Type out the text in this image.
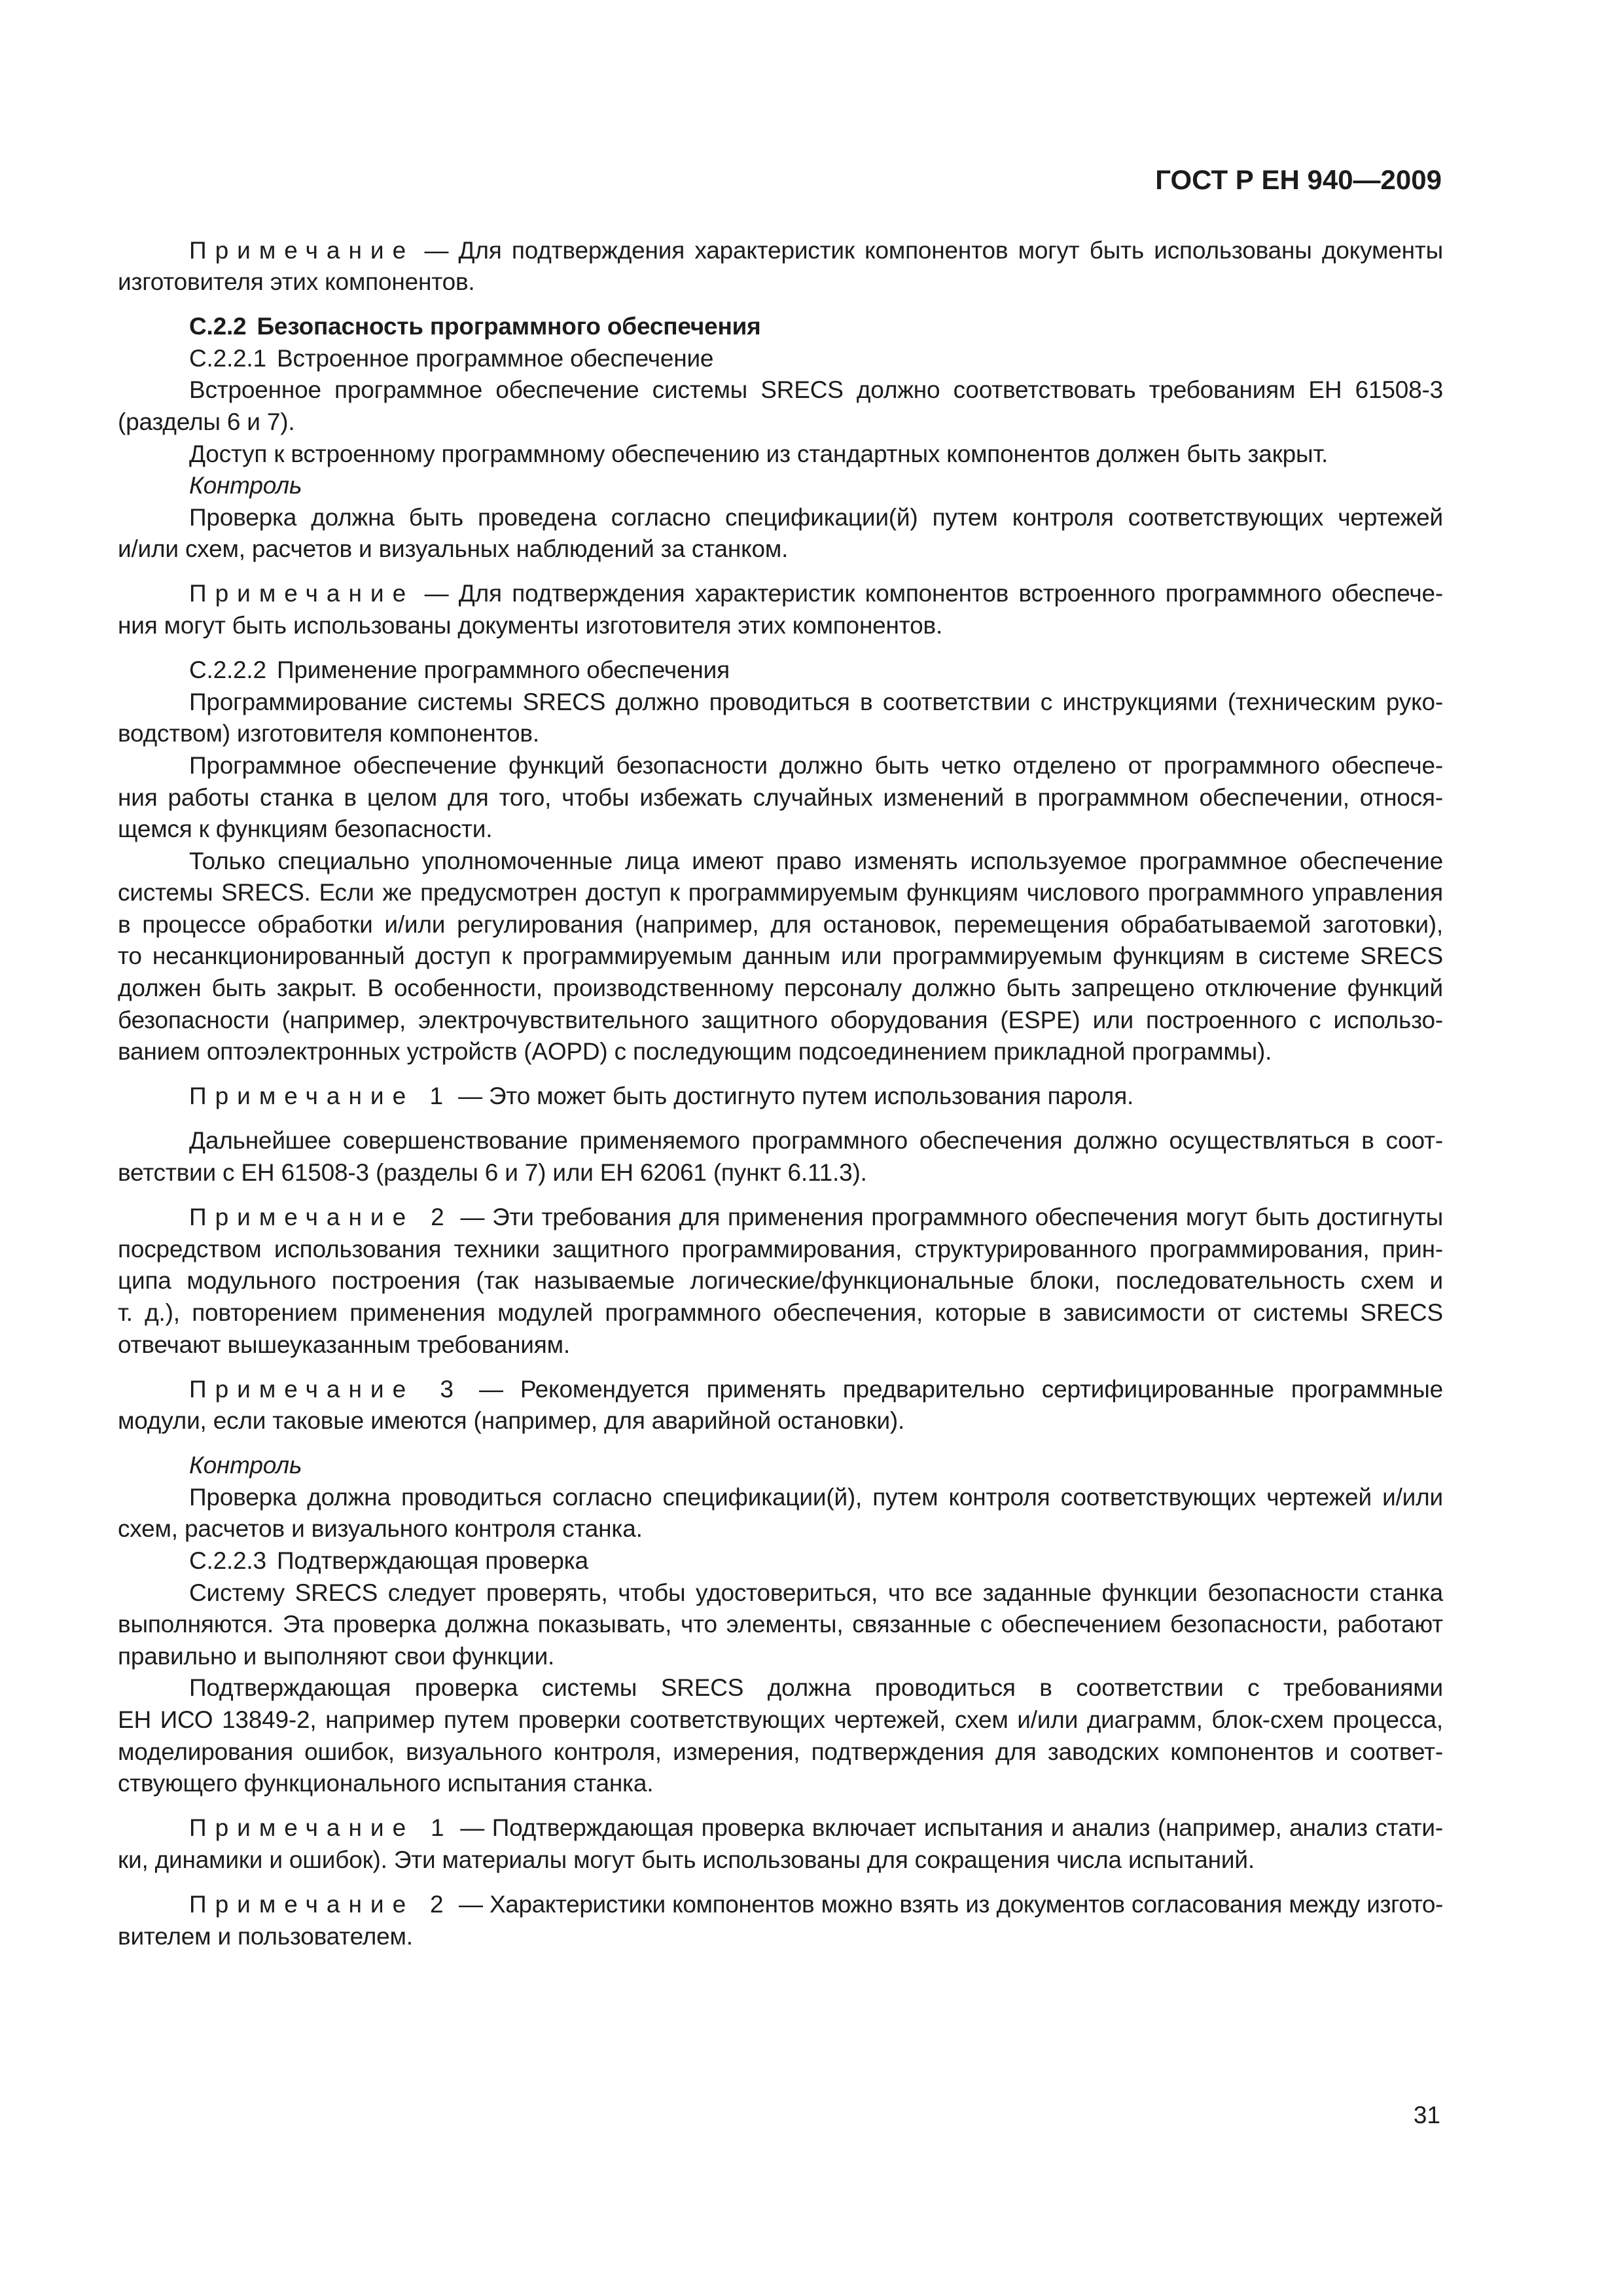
ГОСТ Р ЕН 940—2009
Примечание — Для подтверждения характеристик компонентов могут быть использованы документы
изготовителя этих компонентов.
С.2.2 Безопасность программного обеспечения
С.2.2.1 Встроенное программное обеспечение
Встроенное программное обеспечение системы SRECS должно соответствовать требованиям ЕН 61508-3
(разделы 6 и 7).
Доступ к встроенному программному обеспечению из стандартных компонентов должен быть закрыт.
Контроль
Проверка должна быть проведена согласно спецификации(й) путем контроля соответствующих чертежей
и/или схем, расчетов и визуальных наблюдений за станком.
Примечание — Для подтверждения характеристик компонентов встроенного программного обеспече-
ния могут быть использованы документы изготовителя этих компонентов.
С.2.2.2 Применение программного обеспечения
Программирование системы SRECS должно проводиться в соответствии с инструкциями (техническим руко-
водством) изготовителя компонентов.
Программное обеспечение функций безопасности должно быть четко отделено от программного обеспече-
ния работы станка в целом для того, чтобы избежать случайных изменений в программном обеспечении, относя-
щемся к функциям безопасности.
Только специально уполномоченные лица имеют право изменять используемое программное обеспечение
системы SRECS. Если же предусмотрен доступ к программируемым функциям числового программного управления
в процессе обработки и/или регулирования (например, для остановок, перемещения обрабатываемой заготовки),
то несанкционированный доступ к программируемым данным или программируемым функциям в системе SRECS
должен быть закрыт. В особенности, производственному персоналу должно быть запрещено отключение функций
безопасности (например, электрочувствительного защитного оборудования (ESPE) или построенного с использо-
ванием оптоэлектронных устройств (AOPD) с последующим подсоединением прикладной программы).
Примечание 1 — Это может быть достигнуто путем использования пароля.
Дальнейшее совершенствование применяемого программного обеспечения должно осуществляться в соот-
ветствии с ЕН 61508-3 (разделы 6 и 7) или ЕН 62061 (пункт 6.11.3).
Примечание 2 — Эти требования для применения программного обеспечения могут быть достигнуты
посредством использования техники защитного программирования, структурированного программирования, прин-
ципа модульного построения (так называемые логические/функциональные блоки, последовательность схем и
т. д.), повторением применения модулей программного обеспечения, которые в зависимости от системы SRECS
отвечают вышеуказанным требованиям.
Примечание 3 — Рекомендуется применять предварительно сертифицированные программные
модули, если таковые имеются (например, для аварийной остановки).
Контроль
Проверка должна проводиться согласно спецификации(й), путем контроля соответствующих чертежей и/или
схем, расчетов и визуального контроля станка.
С.2.2.3 Подтверждающая проверка
Систему SRECS следует проверять, чтобы удостовериться, что все заданные функции безопасности станка
выполняются. Эта проверка должна показывать, что элементы, связанные с обеспечением безопасности, работают
правильно и выполняют свои функции.
Подтверждающая проверка системы SRECS должна проводиться в соответствии с требованиями
ЕН ИСО 13849-2, например путем проверки соответствующих чертежей, схем и/или диаграмм, блок-схем процесса,
моделирования ошибок, визуального контроля, измерения, подтверждения для заводских компонентов и соответ-
ствующего функционального испытания станка.
Примечание 1 — Подтверждающая проверка включает испытания и анализ (например, анализ стати-
ки, динамики и ошибок). Эти материалы могут быть использованы для сокращения числа испытаний.
Примечание 2 — Характеристики компонентов можно взять из документов согласования между изгото-
вителем и пользователем.
31
